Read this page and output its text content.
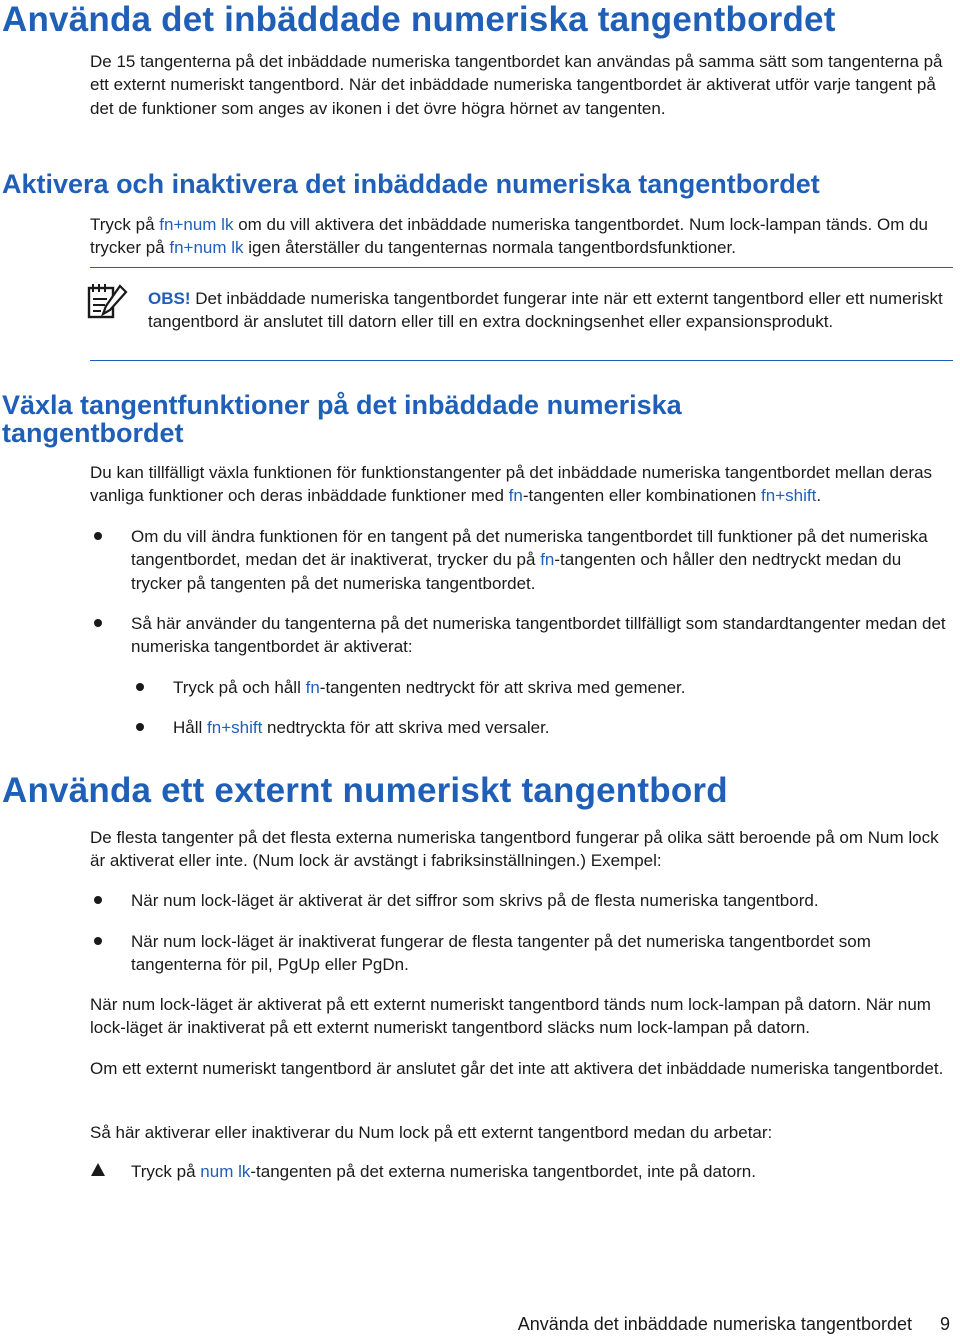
Använda det inbäddade numeriska tangentbordet

De 15 tangenterna på det inbäddade numeriska tangentbordet kan användas på samma sätt som tangenterna på ett externt numeriskt tangentbord. När det inbäddade numeriska tangentbordet är aktiverat utför varje tangent på det de funktioner som anges av ikonen i det övre högra hörnet av tangenten.

Aktivera och inaktivera det inbäddade numeriska tangentbordet

Tryck på fn+num lk om du vill aktivera det inbäddade numeriska tangentbordet. Num lock-lampan tänds. Om du trycker på fn+num lk igen återställer du tangenternas normala tangentbordsfunktioner.

OBS! Det inbäddade numeriska tangentbordet fungerar inte när ett externt tangentbord eller ett numeriskt tangentbord är anslutet till datorn eller till en extra dockningsenhet eller expansionsprodukt.

Växla tangentfunktioner på det inbäddade numeriska
tangentbordet

Du kan tillfälligt växla funktionen för funktionstangenter på det inbäddade numeriska tangentbordet mellan deras vanliga funktioner och deras inbäddade funktioner med fn-tangenten eller kombinationen fn+shift.

Om du vill ändra funktionen för en tangent på det numeriska tangentbordet till funktioner på det numeriska tangentbordet, medan det är inaktiverat, trycker du på fn-tangenten och håller den nedtryckt medan du trycker på tangenten på det numeriska tangentbordet.

Så här använder du tangenterna på det numeriska tangentbordet tillfälligt som standardtangenter medan det numeriska tangentbordet är aktiverat:

Tryck på och håll fn-tangenten nedtryckt för att skriva med gemener.

Håll fn+shift nedtryckta för att skriva med versaler.

Använda ett externt numeriskt tangentbord

De flesta tangenter på det flesta externa numeriska tangentbord fungerar på olika sätt beroende på om Num lock är aktiverat eller inte. (Num lock är avstängt i fabriksinställningen.) Exempel:

När num lock-läget är aktiverat är det siffror som skrivs på de flesta numeriska tangentbord.

När num lock-läget är inaktiverat fungerar de flesta tangenter på det numeriska tangentbordet som tangenterna för pil, PgUp eller PgDn.

När num lock-läget är aktiverat på ett externt numeriskt tangentbord tänds num lock-lampan på datorn. När num lock-läget är inaktiverat på ett externt numeriskt tangentbord släcks num lock-lampan på datorn.

Om ett externt numeriskt tangentbord är anslutet går det inte att aktivera det inbäddade numeriska tangentbordet.

Så här aktiverar eller inaktiverar du Num lock på ett externt tangentbord medan du arbetar:

Tryck på num lk-tangenten på det externa numeriska tangentbordet, inte på datorn.

Använda det inbäddade numeriska tangentbordet 9
